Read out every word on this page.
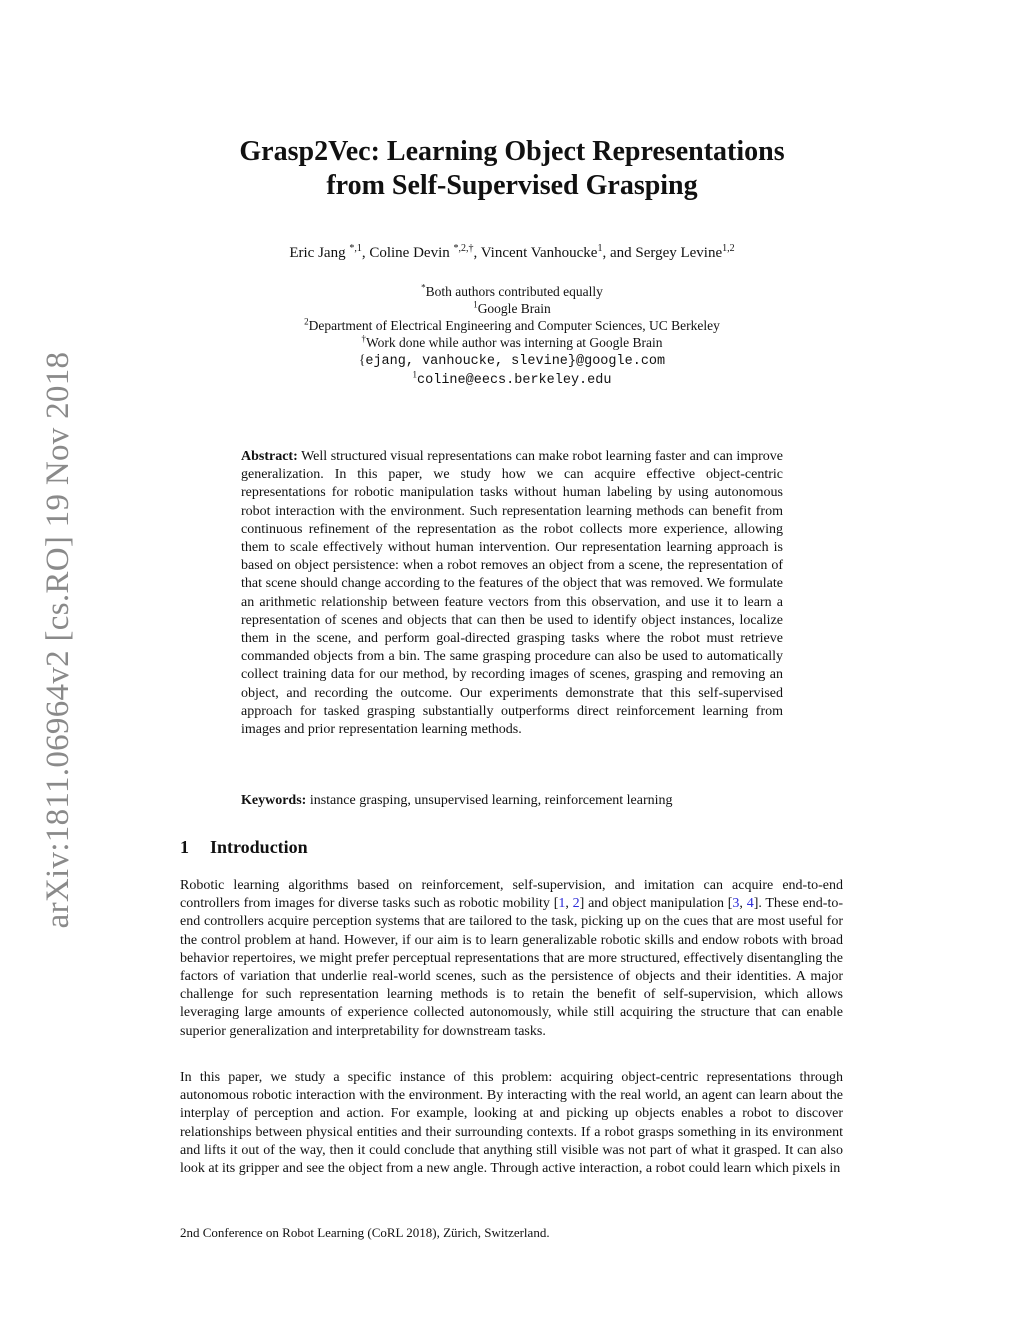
arXiv:1811.06964v2 [cs.RO] 19 Nov 2018
Grasp2Vec: Learning Object Representations
from Self-Supervised Grasping
Eric Jang $^{*,1}$, Coline Devin $^{*,2,\dagger}$, Vincent Vanhoucke$^1$, and Sergey Levine$^{1,2}$
*Both authors contributed equally
$^1$Google Brain
$^2$Department of Electrical Engineering and Computer Sciences, UC Berkeley
†Work done while author was interning at Google Brain
{ejang, vanhoucke, slevine}@google.com
$^1$coline@eecs.berkeley.edu
Abstract: Well structured visual representations can make robot learning faster and can improve generalization. In this paper, we study how we can acquire effective object-centric representations for robotic manipulation tasks without human labeling by using autonomous robot interaction with the environment. Such representation learning methods can benefit from continuous refinement of the representation as the robot collects more experience, allowing them to scale effectively without human intervention. Our representation learning approach is based on object persistence: when a robot removes an object from a scene, the representation of that scene should change according to the features of the object that was removed. We formulate an arithmetic relationship between feature vectors from this observation, and use it to learn a representation of scenes and objects that can then be used to identify object instances, localize them in the scene, and perform goal-directed grasping tasks where the robot must retrieve commanded objects from a bin. The same grasping procedure can also be used to automatically collect training data for our method, by recording images of scenes, grasping and removing an object, and recording the outcome. Our experiments demonstrate that this self-supervised approach for tasked grasping substantially outperforms direct reinforcement learning from images and prior representation learning methods.
Keywords: instance grasping, unsupervised learning, reinforcement learning
1 Introduction
Robotic learning algorithms based on reinforcement, self-supervision, and imitation can acquire end-to-end controllers from images for diverse tasks such as robotic mobility [1, 2] and object manipulation [3, 4]. These end-to-end controllers acquire perception systems that are tailored to the task, picking up on the cues that are most useful for the control problem at hand. However, if our aim is to learn generalizable robotic skills and endow robots with broad behavior repertoires, we might prefer perceptual representations that are more structured, effectively disentangling the factors of variation that underlie real-world scenes, such as the persistence of objects and their identities. A major challenge for such representation learning methods is to retain the benefit of self-supervision, which allows leveraging large amounts of experience collected autonomously, while still acquiring the structure that can enable superior generalization and interpretability for downstream tasks.
In this paper, we study a specific instance of this problem: acquiring object-centric representations through autonomous robotic interaction with the environment. By interacting with the real world, an agent can learn about the interplay of perception and action. For example, looking at and picking up objects enables a robot to discover relationships between physical entities and their surrounding contexts. If a robot grasps something in its environment and lifts it out of the way, then it could conclude that anything still visible was not part of what it grasped. It can also look at its gripper and see the object from a new angle. Through active interaction, a robot could learn which pixels in
2nd Conference on Robot Learning (CoRL 2018), Zürich, Switzerland.
